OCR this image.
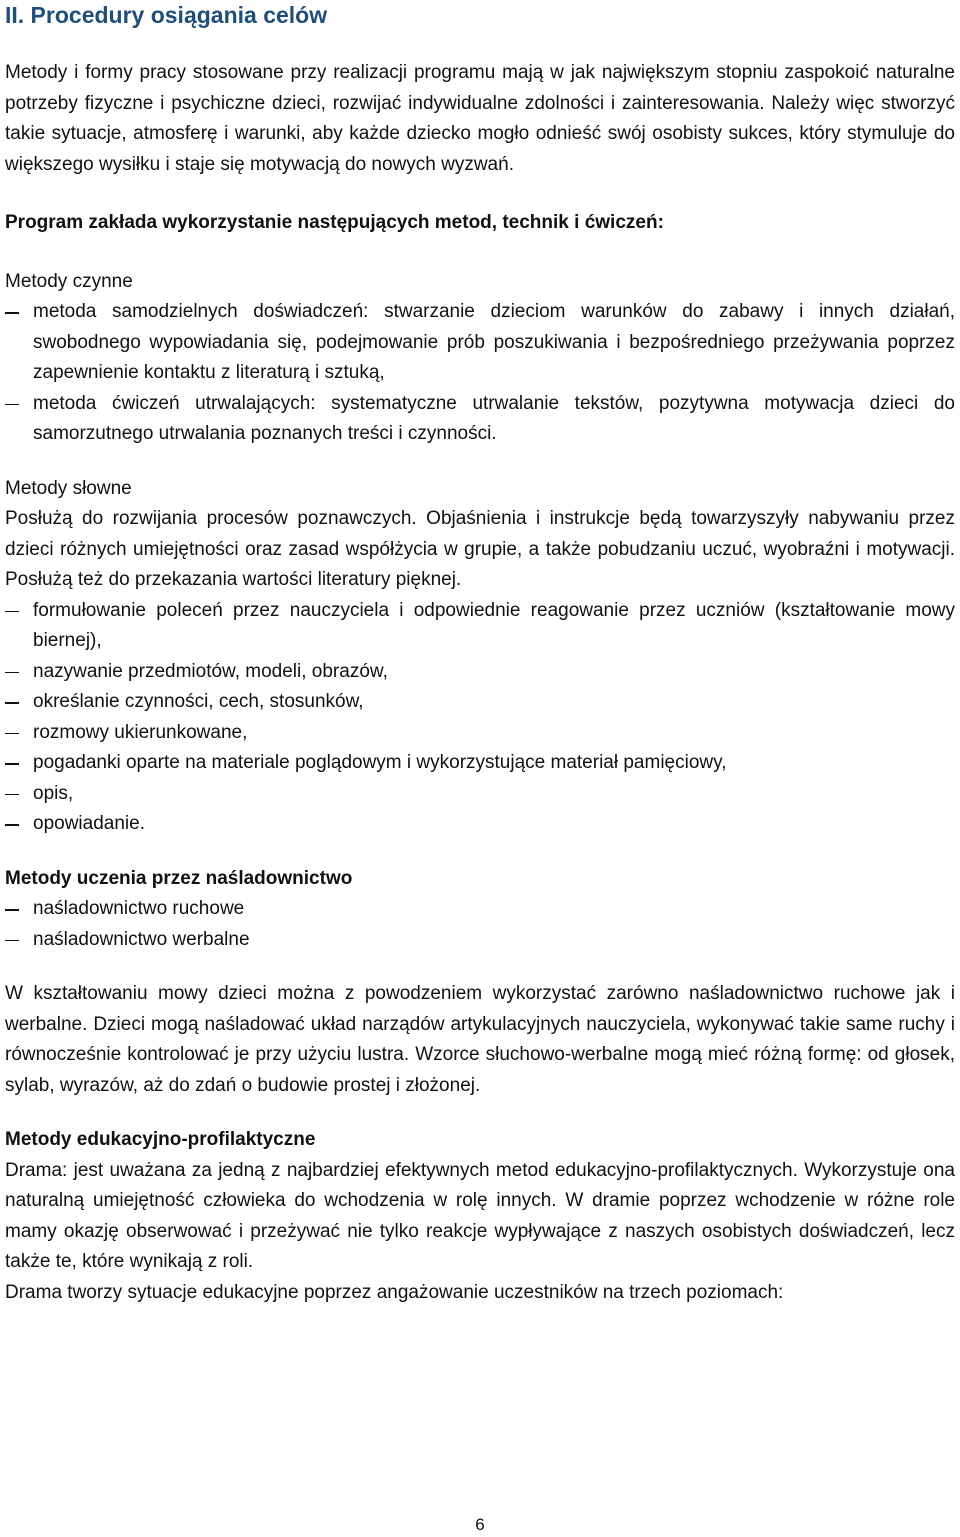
II. Procedury osiągania celów

Metody i formy pracy stosowane przy realizacji programu mają w jak największym stopniu zaspokoić naturalne potrzeby fizyczne i psychiczne dzieci, rozwijać indywidualne zdolności i zainteresowania. Należy więc stworzyć takie sytuacje, atmosferę i warunki, aby każde dziecko mogło odnieść swój osobisty sukces, który stymuluje do większego wysiłku i staje się motywacją do nowych wyzwań.

Program zakłada wykorzystanie następujących metod, technik i ćwiczeń:

Metody czynne

metoda samodzielnych doświadczeń: stwarzanie dzieciom warunków do zabawy i innych działań, swobodnego wypowiadania się, podejmowanie prób poszukiwania i bezpośredniego przeżywania poprzez zapewnienie kontaktu z literaturą i sztuką,
metoda ćwiczeń utrwalających: systematyczne utrwalanie tekstów, pozytywna motywacja dzieci do samorzutnego utrwalania poznanych treści i czynności.

Metody słowne

Posłużą do rozwijania procesów poznawczych. Objaśnienia i instrukcje będą towarzyszyły nabywaniu przez dzieci różnych umiejętności oraz zasad współżycia w grupie, a także pobudzaniu uczuć, wyobraźni i motywacji. Posłużą też do przekazania wartości literatury pięknej.

formułowanie poleceń przez nauczyciela i odpowiednie reagowanie przez uczniów (kształtowanie mowy biernej),
nazywanie przedmiotów, modeli, obrazów,
określanie czynności, cech, stosunków,
rozmowy ukierunkowane,
pogadanki oparte na materiale poglądowym i wykorzystujące materiał pamięciowy,
opis,
opowiadanie.

Metody uczenia przez naśladownictwo

naśladownictwo ruchowe
naśladownictwo werbalne

W kształtowaniu mowy dzieci można z powodzeniem wykorzystać zarówno naśladownictwo ruchowe jak i werbalne. Dzieci mogą naśladować układ narządów artykulacyjnych nauczyciela, wykonywać takie same ruchy i równocześnie kontrolować je przy użyciu lustra. Wzorce słuchowo-werbalne mogą mieć różną formę: od głosek, sylab, wyrazów, aż do zdań o budowie prostej i złożonej.

Metody edukacyjno-profilaktyczne

Drama: jest uważana za jedną z najbardziej efektywnych metod edukacyjno-profilaktycznych. Wykorzystuje ona naturalną umiejętność człowieka do wchodzenia w rolę innych. W dramie poprzez wchodzenie w różne role mamy okazję obserwować i przeżywać nie tylko reakcje wypływające z naszych osobistych doświadczeń, lecz także te, które wynikają z roli.

Drama tworzy sytuacje edukacyjne poprzez angażowanie uczestników na trzech poziomach:

6
